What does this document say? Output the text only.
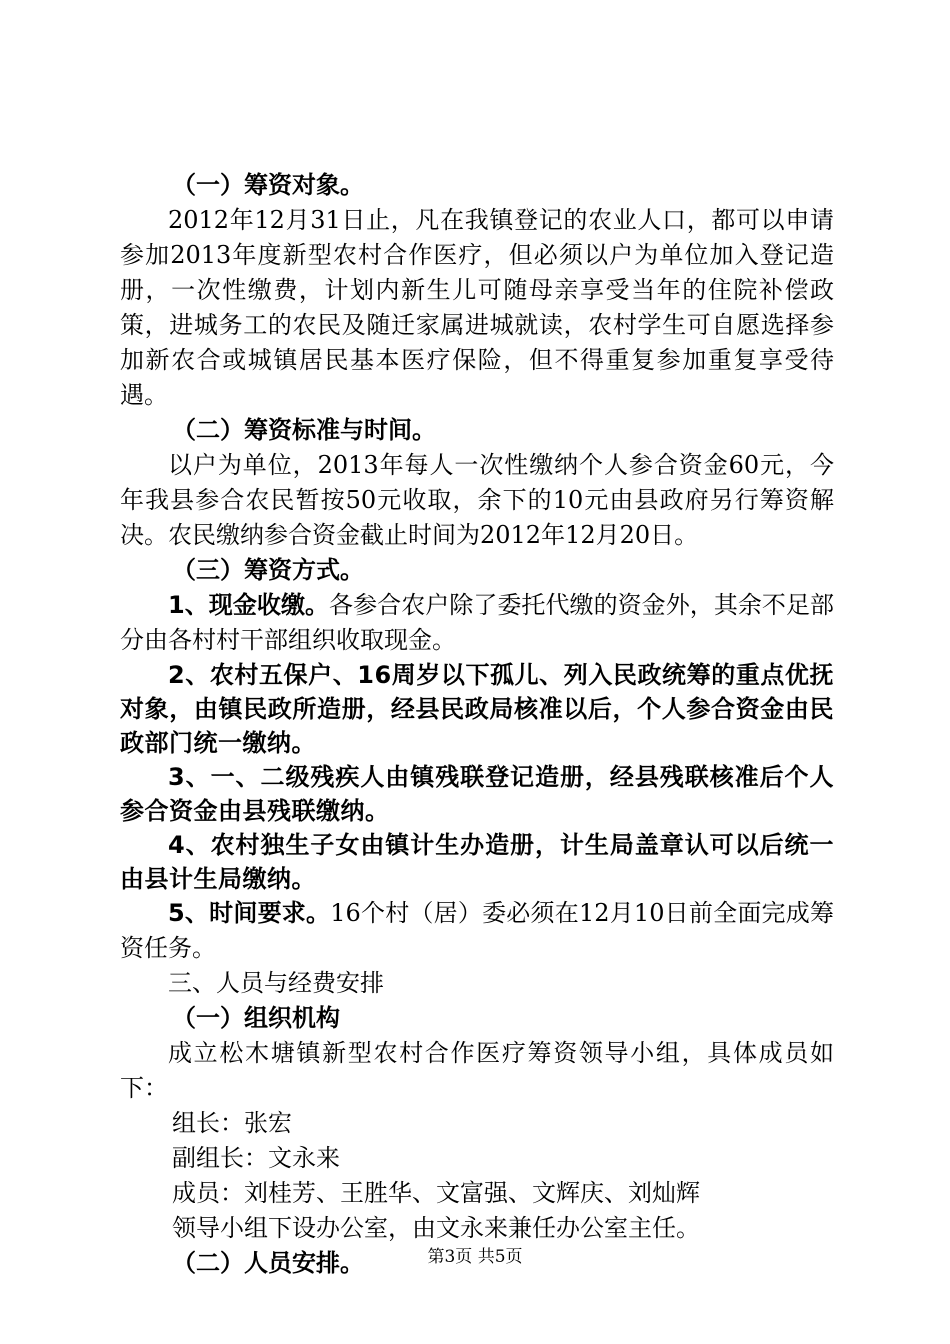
（一）筹资对象。

2012年12月31日止，凡在我镇登记的农业人口，都可以申请参加2013年度新型农村合作医疗，但必须以户为单位加入登记造册，一次性缴费，计划内新生儿可随母亲享受当年的住院补偿政策，进城务工的农民及随迁家属进城就读，农村学生可自愿选择参加新农合或城镇居民基本医疗保险，但不得重复参加重复享受待遇。

（二）筹资标准与时间。

以户为单位，2013年每人一次性缴纳个人参合资金60元，今年我县参合农民暂按50元收取，余下的10元由县政府另行筹资解决。农民缴纳参合资金截止时间为2012年12月20日。

（三）筹资方式。

1、现金收缴。各参合农户除了委托代缴的资金外，其余不足部分由各村村干部组织收取现金。

2、农村五保户、16周岁以下孤儿、列入民政统筹的重点优抚对象，由镇民政所造册，经县民政局核准以后，个人参合资金由民政部门统一缴纳。

3、一、二级残疾人由镇残联登记造册，经县残联核准后个人参合资金由县残联缴纳。

4、农村独生子女由镇计生办造册，计生局盖章认可以后统一由县计生局缴纳。

5、时间要求。16个村（居）委必须在12月10日前全面完成筹资任务。

三、人员与经费安排

（一）组织机构

成立松木塘镇新型农村合作医疗筹资领导小组，具体成员如下：

组长：张宏

副组长：文永来

成员：刘桂芳、王胜华、文富强、文辉庆、刘灿辉

领导小组下设办公室，由文永来兼任办公室主任。

（二）人员安排。	第3页 共5页
